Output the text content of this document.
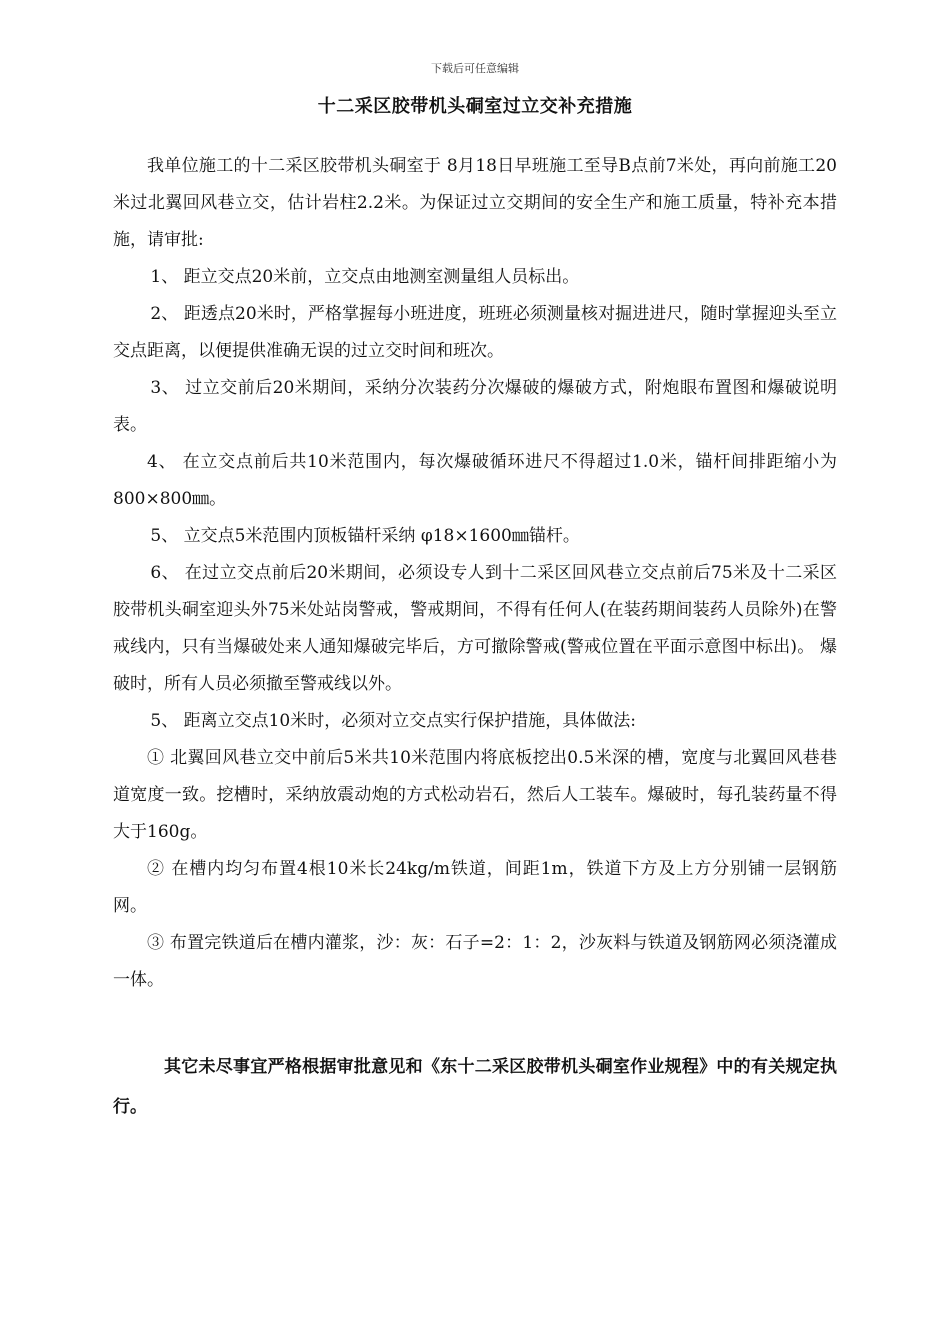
下载后可任意编辑
十二采区胶带机头硐室过立交补充措施

我单位施工的十二采区胶带机头硐室于 8月18日早班施工至导B点前7米处，再向前施工20米过北翼回风巷立交，估计岩柱2.2米。为保证过立交期间的安全生产和施工质量，特补充本措施，请审批:

1、 距立交点20米前，立交点由地测室测量组人员标出。

2、 距透点20米时，严格掌握每小班进度，班班必须测量核对掘进进尺，随时掌握迎头至立交点距离，以便提供准确无误的过立交时间和班次。

3、 过立交前后20米期间，采纳分次装药分次爆破的爆破方式，附炮眼布置图和爆破说明表。

4、 在立交点前后共10米范围内，每次爆破循环进尺不得超过1.0米，锚杆间排距缩小为800×800㎜。

5、 立交点5米范围内顶板锚杆采纳 φ18×1600㎜锚杆。

6、 在过立交点前后20米期间，必须设专人到十二采区回风巷立交点前后75米及十二采区胶带机头硐室迎头外75米处站岗警戒，警戒期间，不得有任何人(在装药期间装药人员除外)在警戒线内，只有当爆破处来人通知爆破完毕后，方可撤除警戒(警戒位置在平面示意图中标出)。 爆破时，所有人员必须撤至警戒线以外。

5、 距离立交点10米时，必须对立交点实行保护措施，具体做法:

① 北翼回风巷立交中前后5米共10米范围内将底板挖出0.5米深的槽，宽度与北翼回风巷巷道宽度一致。挖槽时，采纳放震动炮的方式松动岩石，然后人工装车。爆破时，每孔装药量不得大于160g。

② 在槽内均匀布置4根10米长24kg/m铁道，间距1m，铁道下方及上方分别铺一层钢筋网。

③ 布置完铁道后在槽内灌浆，沙：灰：石子=2：1：2，沙灰料与铁道及钢筋网必须浇灌成一体。

其它未尽事宜严格根据审批意见和《东十二采区胶带机头硐室作业规程》中的有关规定执行。
